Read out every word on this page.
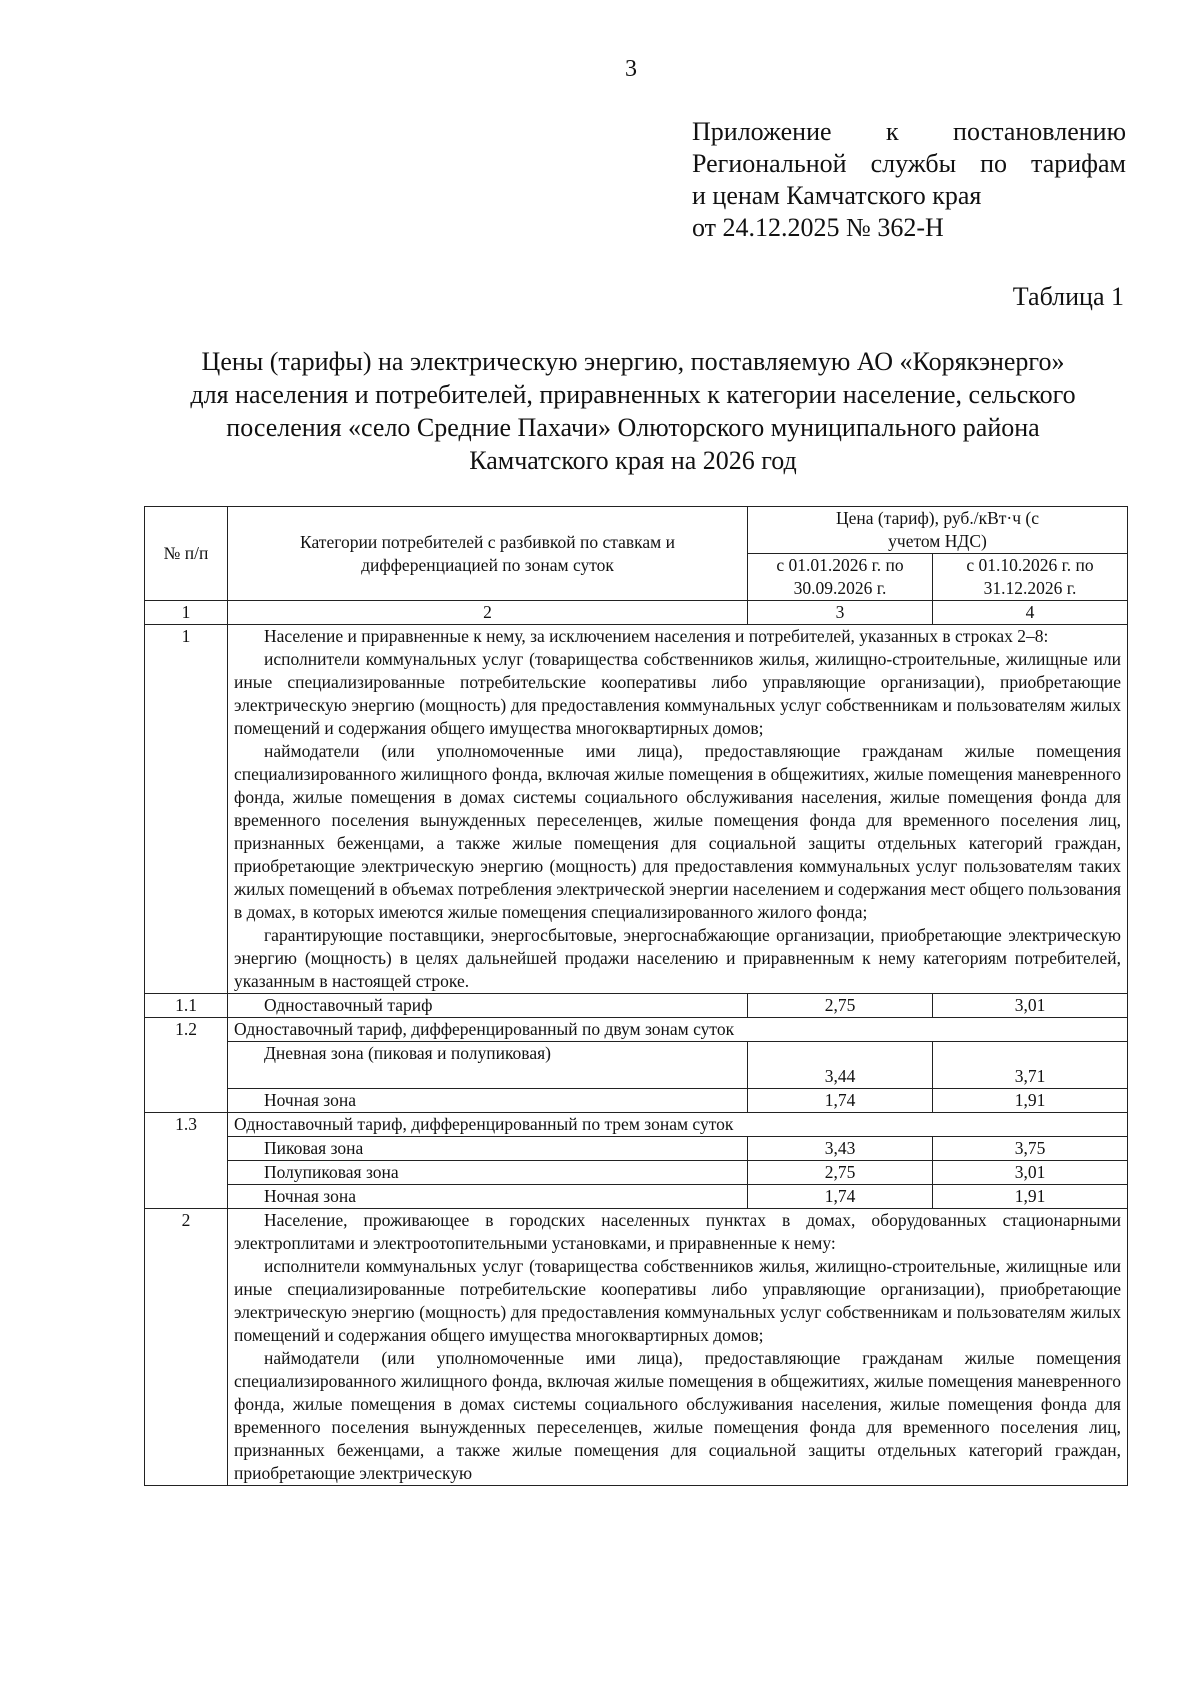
3
Приложение к постановлению
Региональной службы по тарифам
и ценам Камчатского края
от 24.12.2025 № 362-Н
Таблица 1
Цены (тарифы) на электрическую энергию, поставляемую АО «Корякэнерго»
для населения и потребителей, приравненных к категории население, сельского
поселения «село Средние Пахачи» Олюторского муниципального района
Камчатского края на 2026 год
№ п/п	Категории потребителей с разбивкой по ставкам и дифференциацией по зонам суток	Цена (тариф), руб./кВт·ч (с учетом НДС)	
		с 01.01.2026 г. по 30.09.2026 г.	с 01.10.2026 г. по 31.12.2026 г.
1	2	3	4
1	Население и приравненные к нему, за исключением населения и потребителей, указанных в строках 2–8:
исполнители коммунальных услуг (товарищества собственников жилья, жилищно-строительные, жилищные или иные специализированные потребительские кооперативы либо управляющие организации), приобретающие электрическую энергию (мощность) для предоставления коммунальных услуг собственникам и пользователям жилых помещений и содержания общего имущества многоквартирных домов;
наймодатели (или уполномоченные ими лица), предоставляющие гражданам жилые помещения специализированного жилищного фонда, включая жилые помещения в общежитиях, жилые помещения маневренного фонда, жилые помещения в домах системы социального обслуживания населения, жилые помещения фонда для временного поселения вынужденных переселенцев, жилые помещения фонда для временного поселения лиц, признанных беженцами, а также жилые помещения для социальной защиты отдельных категорий граждан, приобретающие электрическую энергию (мощность) для предоставления коммунальных услуг пользователям таких жилых помещений в объемах потребления электрической энергии населением и содержания мест общего пользования в домах, в которых имеются жилые помещения специализированного жилого фонда;
гарантирующие поставщики, энергосбытовые, энергоснабжающие организации, приобретающие электрическую энергию (мощность) в целях дальнейшей продажи населению и приравненным к нему категориям потребителей, указанным в настоящей строке.		

1.1	Одноставочный тариф	2,75	3,01
1.2	Одноставочный тариф, дифференцированный по двум зонам суток		
	Дневная зона (пиковая и полупиковая)	3,44	3,71
	Ночная зона	1,74	1,91
1.3	Одноставочный тариф, дифференцированный по трем зонам суток		
	Пиковая зона	3,43	3,75
	Полупиковая зона	2,75	3,01
	Ночная зона	1,74	1,91
2	Население, проживающее в городских населенных пунктах в домах, оборудованных стационарными электроплитами и электроотопительными установками, и приравненные к нему:
исполнители коммунальных услуг (товарищества собственников жилья, жилищно-строительные, жилищные или иные специализированные потребительские кооперативы либо управляющие организации), приобретающие электрическую энергию (мощность) для предоставления коммунальных услуг собственникам и пользователям жилых помещений и содержания общего имущества многоквартирных домов;
наймодатели (или уполномоченные ими лица), предоставляющие гражданам жилые помещения специализированного жилищного фонда, включая жилые помещения в общежитиях, жилые помещения маневренного фонда, жилые помещения в домах системы социального обслуживания населения, жилые помещения фонда для временного поселения вынужденных переселенцев, жилые помещения фонда для временного поселения лиц, признанных беженцами, а также жилые помещения для социальной защиты отдельных категорий граждан, приобретающие электрическую		
